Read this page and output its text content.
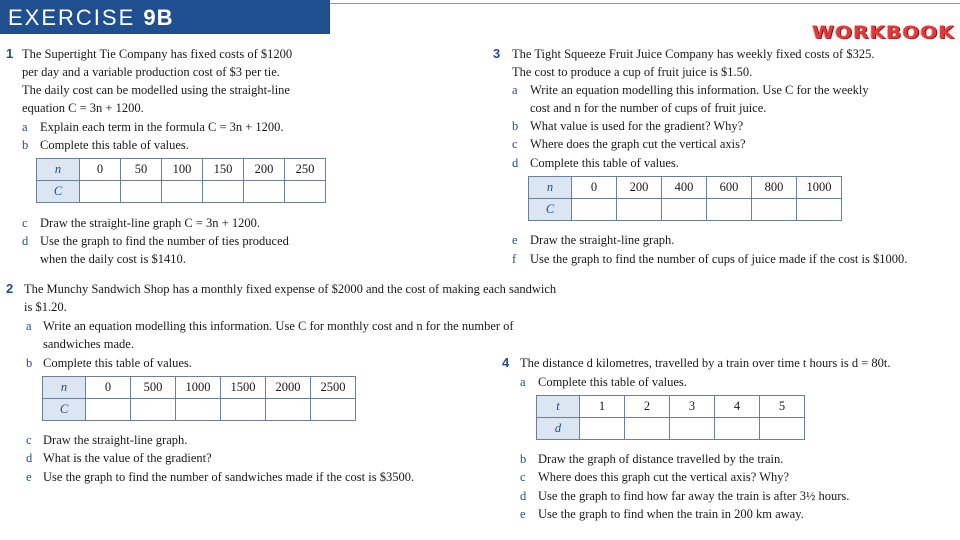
EXERCISE 9B
WORKBOOK
1 The Supertight Tie Company has fixed costs of $1200
per day and a variable production cost of $3 per tie.
The daily cost can be modelled using the straight-line
equation C = 3n + 1200.
a Explain each term in the formula C = 3n + 1200.
b Complete this table of values.
n	0	50	100	150	200	250
C						
c Draw the straight-line graph C = 3n + 1200.
d Use the graph to find the number of ties produced
when the daily cost is $1410.
2 The Munchy Sandwich Shop has a monthly fixed expense of $2000 and the cost of making each sandwich
is $1.20.
a Write an equation modelling this information. Use C for monthly cost and n for the number of
sandwiches made.
b Complete this table of values.
n	0	500	1000	1500	2000	2500
C						
c Draw the straight-line graph.
d What is the value of the gradient?
e Use the graph to find the number of sandwiches made if the cost is $3500.
3 The Tight Squeeze Fruit Juice Company has weekly fixed costs of $325.
The cost to produce a cup of fruit juice is $1.50.
a Write an equation modelling this information. Use C for the weekly
cost and n for the number of cups of fruit juice.
b What value is used for the gradient? Why?
c Where does the graph cut the vertical axis?
d Complete this table of values.
n	0	200	400	600	800	1000
C						
e Draw the straight-line graph.
f Use the graph to find the number of cups of juice made if the cost is $1000.
4 The distance d kilometres, travelled by a train over time t hours is d = 80t.
a Complete this table of values.
t	1	2	3	4	5
d					
b Draw the graph of distance travelled by the train.
c Where does this graph cut the vertical axis? Why?
d Use the graph to find how far away the train is after 3½ hours.
e Use the graph to find when the train in 200 km away.
